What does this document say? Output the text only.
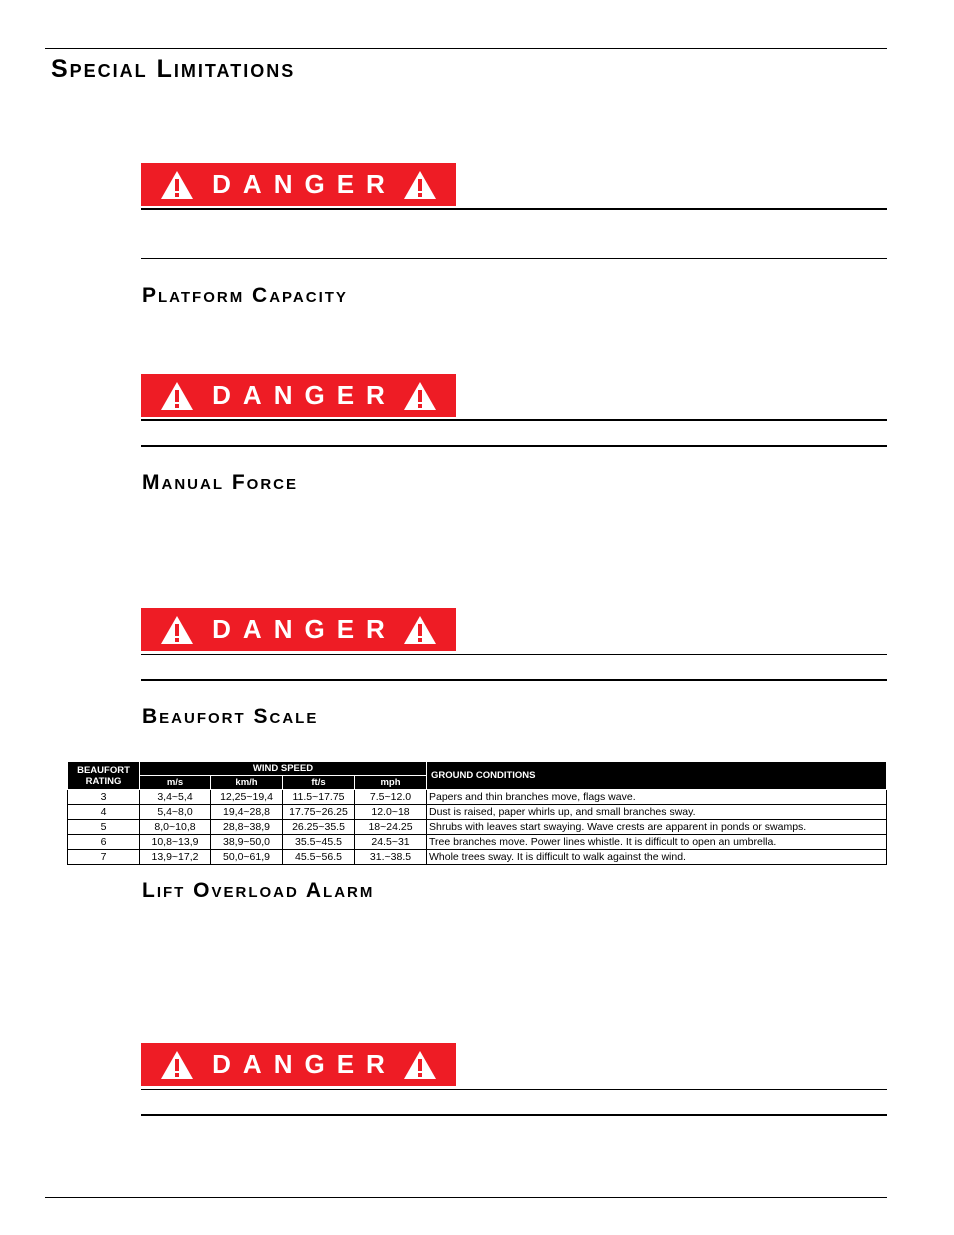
Special Limitations
DANGER
Platform Capacity
DANGER
Manual Force
DANGER
Beaufort Scale
BEAUFORT RATING	WIND SPEED				GROUND CONDITIONS
	m/s	km/h	ft/s	mph	
3	3,4~5,4	12,25~19,4	11.5~17.75	7.5~12.0	Papers and thin branches move, flags wave.
4	5,4~8,0	19,4~28,8	17.75~26.25	12.0~18	Dust is raised, paper whirls up, and small branches sway.
5	8,0~10,8	28,8~38,9	26.25~35.5	18~24.25	Shrubs with leaves start swaying. Wave crests are apparent in ponds or swamps.
6	10,8~13,9	38,9~50,0	35.5~45.5	24.5~31	Tree branches move. Power lines whistle. It is difficult to open an umbrella.
7	13,9~17,2	50,0~61,9	45.5~56.5	31.~38.5	Whole trees sway. It is difficult to walk against the wind.
Lift Overload Alarm
DANGER
